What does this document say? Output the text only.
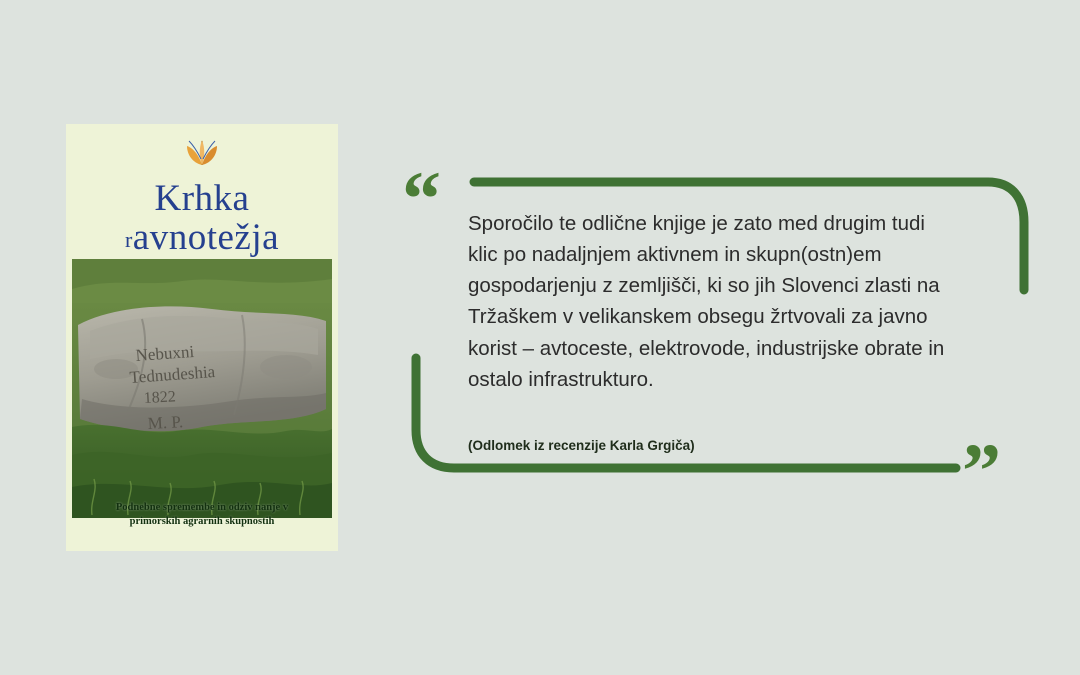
Krhka
ravnotežja
Nebuxni
Tednudeshia
1822
M. P.
Podnebne spremembe in odziv nanje v
primorskih agrarnih skupnostih
“
”
Sporočilo te odlične knjige je zato med drugim tudi klic po nadaljnjem aktivnem in skupn(ostn)em gospodarjenju z zemljišči, ki so jih Slovenci zlasti na Tržaškem v velikanskem obsegu žrtvovali za javno korist – avtoceste, elektrovode, industrijske obrate in ostalo infrastrukturo.
(Odlomek iz recenzije Karla Grgiča)
